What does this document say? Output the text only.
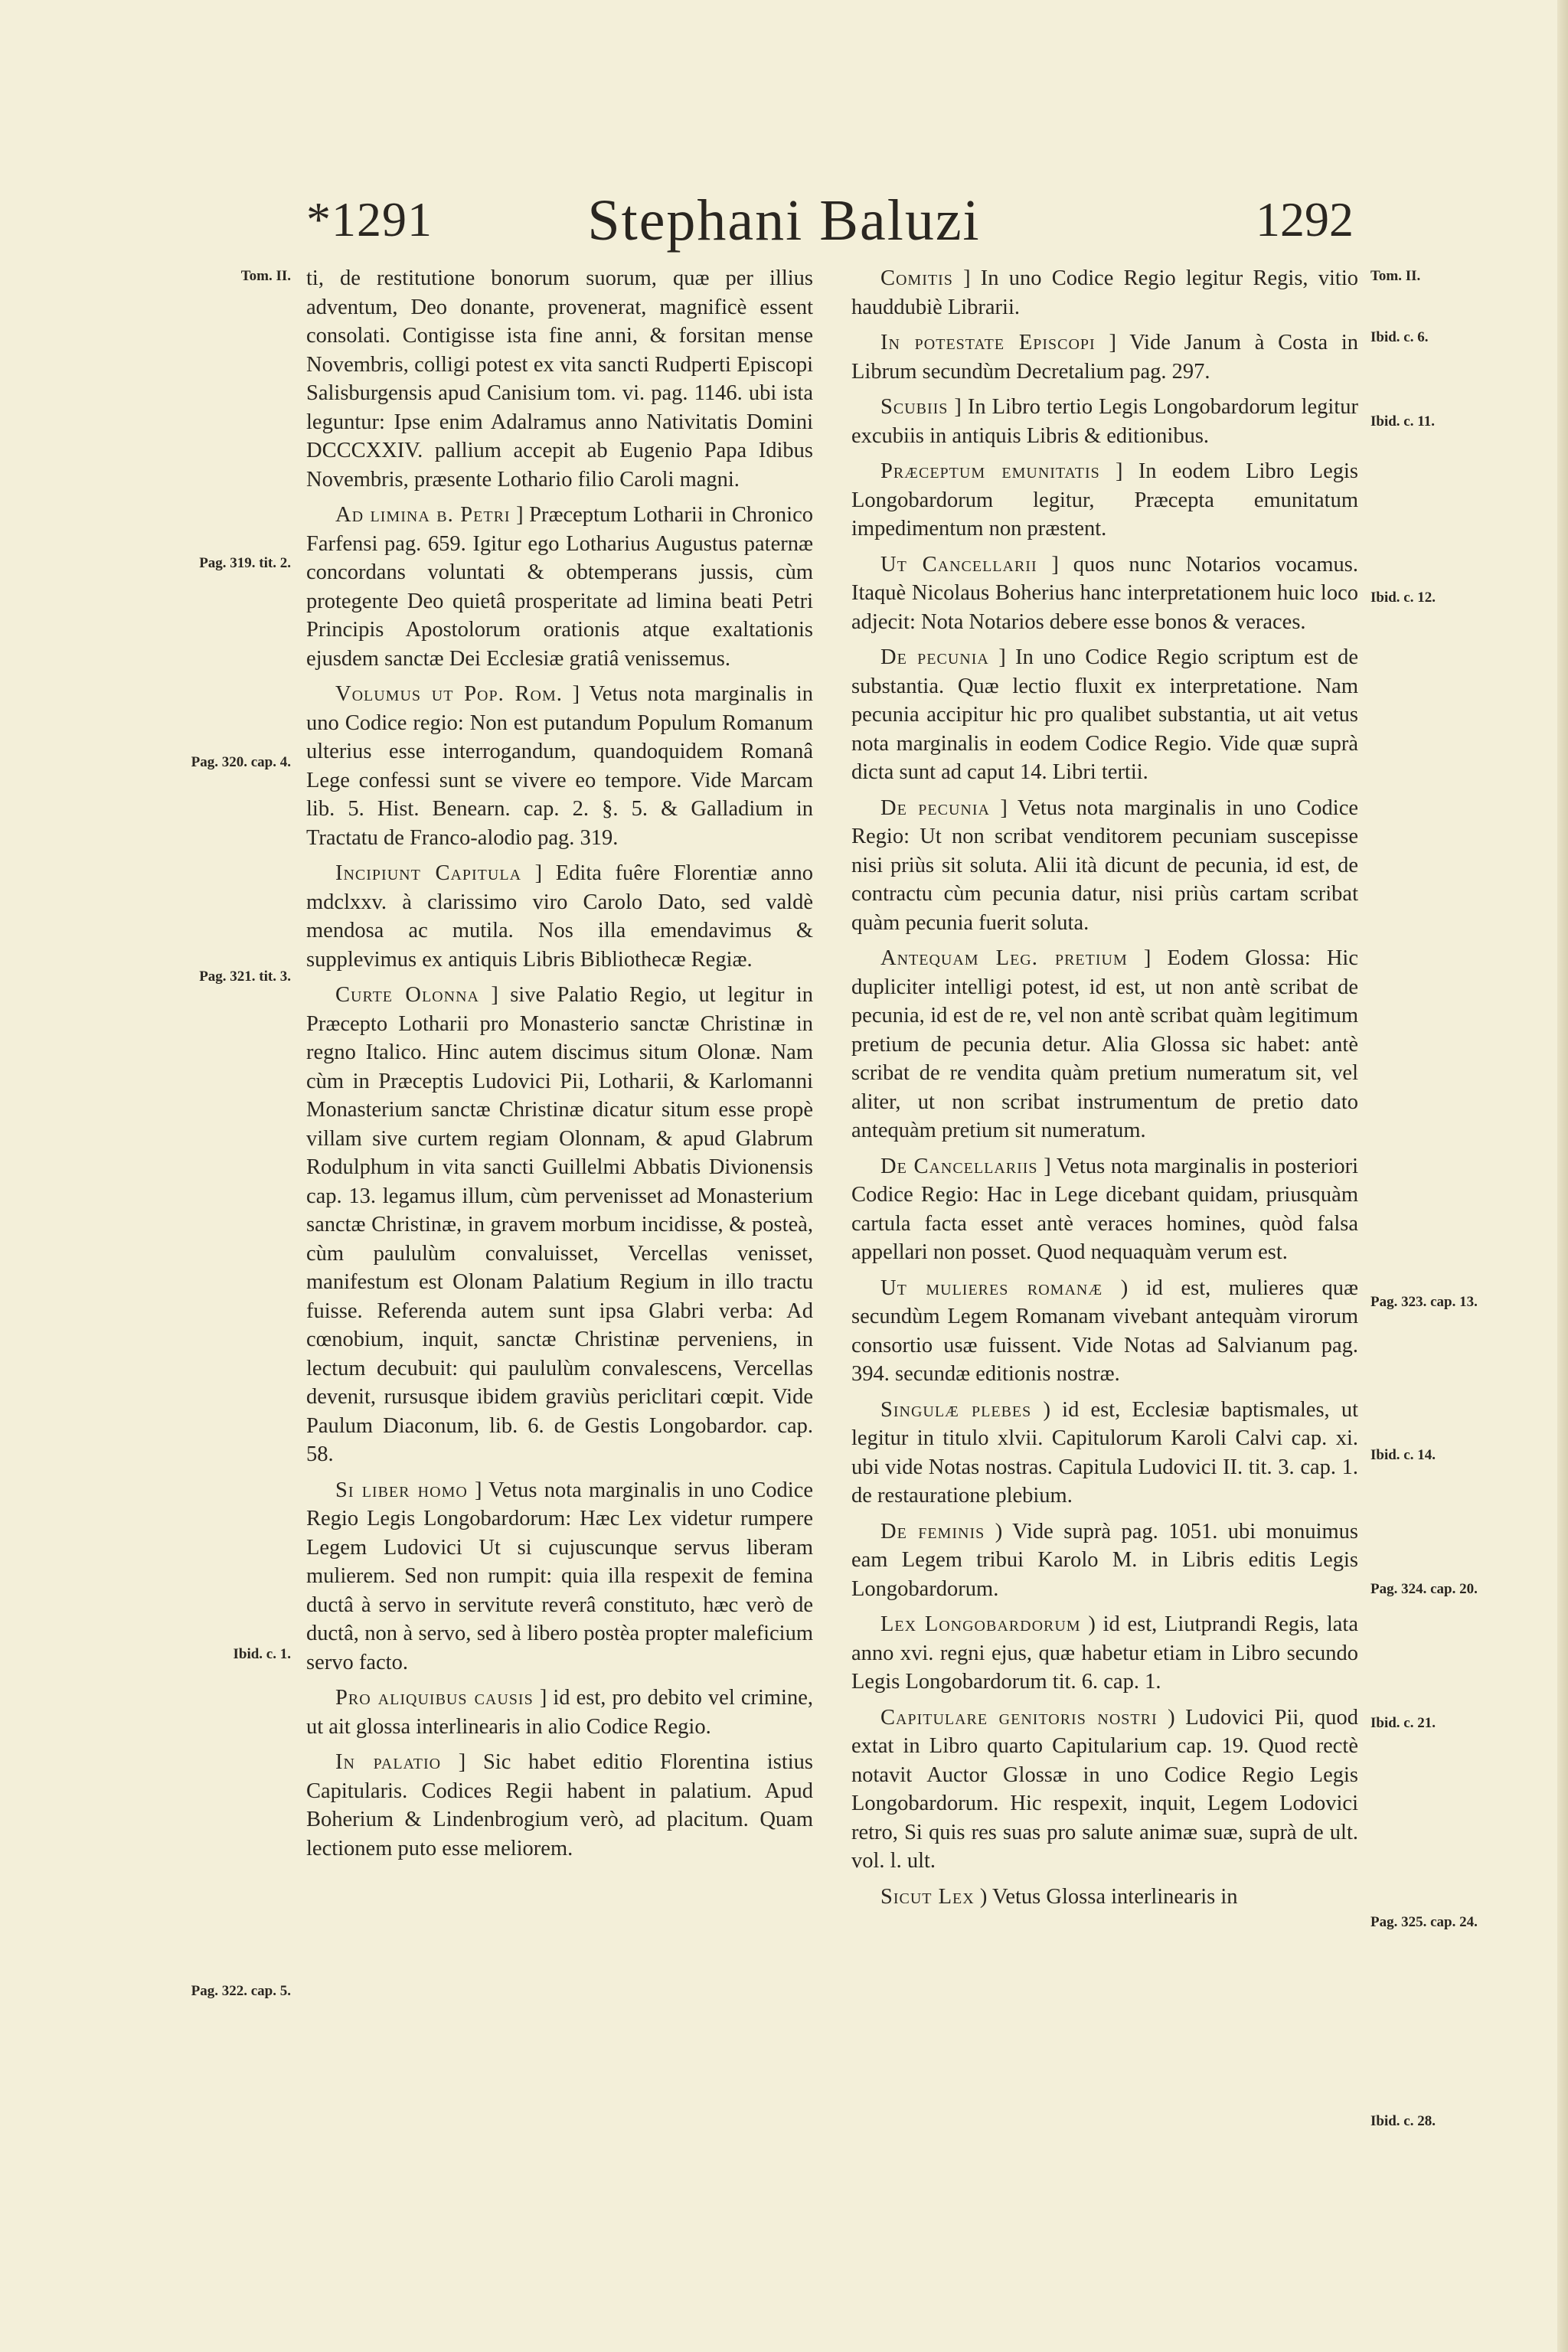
*1291	Stephani Baluzi	1292
Tom. II.
Pag. 319. tit. 2.
Pag. 320. cap. 4.
Pag. 321. tit. 3.
Ibid. c. 1.
Pag. 322. cap. 5.
Tom. II.
Ibid. c. 6.
Ibid. c. 11.
Ibid. c. 12.
Pag. 323. cap. 13.
Ibid. c. 14.
Pag. 324. cap. 20.
Ibid. c. 21.
Pag. 325. cap. 24.
Ibid. c. 28.

ti, de restitutione bonorum suorum, quæ per illius adventum, Deo donante, provenerat, magnificè essent consolati. Contigisse ista fine anni, & forsitan mense Novembris, colligi potest ex vita sancti Rudperti Episcopi Salisburgensis apud Canisium tom. vi. pag. 1146. ubi ista leguntur: Ipse enim Adalramus anno Nativitatis Domini DCCCXXIV. pallium accepit ab Eugenio Papa Idibus Novembris, præsente Lothario filio Caroli magni.

Ad limina b. Petri ] Præceptum Lotharii in Chronico Farfensi pag. 659. Igitur ego Lotharius Augustus paternæ concordans voluntati & obtemperans jussis, cùm protegente Deo quietâ prosperitate ad limina beati Petri Principis Apostolorum orationis atque exaltationis ejusdem sanctæ Dei Ecclesiæ gratiâ venissemus.

Volumus ut Pop. Rom. ] Vetus nota marginalis in uno Codice regio: Non est putandum Populum Romanum ulterius esse interrogandum, quandoquidem Romanâ Lege confessi sunt se vivere eo tempore. Vide Marcam lib. 5. Hist. Benearn. cap. 2. §. 5. & Galladium in Tractatu de Franco-alodio pag. 319.

Incipiunt Capitula ] Edita fuêre Florentiæ anno mdclxxv. à clarissimo viro Carolo Dato, sed valdè mendosa ac mutila. Nos illa emendavimus & supplevimus ex antiquis Libris Bibliothecæ Regiæ.

Curte Olonna ] sive Palatio Regio, ut legitur in Præcepto Lotharii pro Monasterio sanctæ Christinæ in regno Italico. Hinc autem discimus situm Olonæ. Nam cùm in Præceptis Ludovici Pii, Lotharii, & Karlomanni Monasterium sanctæ Christinæ dicatur situm esse propè villam sive curtem regiam Olonnam, & apud Glabrum Rodulphum in vita sancti Guillelmi Abbatis Divionensis cap. 13. legamus illum, cùm pervenisset ad Monasterium sanctæ Christinæ, in gravem morbum incidisse, & posteà, cùm paululùm convaluisset, Vercellas venisset, manifestum est Olonam Palatium Regium in illo tractu fuisse. Referenda autem sunt ipsa Glabri verba: Ad cœnobium, inquit, sanctæ Christinæ perveniens, in lectum decubuit: qui paululùm convalescens, Vercellas devenit, rursusque ibidem graviùs periclitari cœpit. Vide Paulum Diaconum, lib. 6. de Gestis Longobardor. cap. 58.

Si liber homo ] Vetus nota marginalis in uno Codice Regio Legis Longobardorum: Hæc Lex videtur rumpere Legem Ludovici Ut si cujuscunque servus liberam mulierem. Sed non rumpit: quia illa respexit de femina ductâ à servo in servitute reverâ constituto, hæc verò de ductâ, non à servo, sed à libero postèa propter maleficium servo facto.

Pro aliquibus causis ] id est, pro debito vel crimine, ut ait glossa interlinearis in alio Codice Regio.

In palatio ] Sic habet editio Florentina istius Capitularis. Codices Regii habent in palatium. Apud Boherium & Lindenbrogium verò, ad placitum. Quam lectionem puto esse meliorem.

Comitis ] In uno Codice Regio legitur Regis, vitio hauddubiè Librarii.

In potestate Episcopi ] Vide Janum à Costa in Librum secundùm Decretalium pag. 297.

Scubiis ] In Libro tertio Legis Longobardorum legitur excubiis in antiquis Libris & editionibus.

Præceptum emunitatis ] In eodem Libro Legis Longobardorum legitur, Præcepta emunitatum impedimentum non præstent.

Ut Cancellarii ] quos nunc Notarios vocamus. Itaquè Nicolaus Boherius hanc interpretationem huic loco adjecit: Nota Notarios debere esse bonos & veraces.

De pecunia ] In uno Codice Regio scriptum est de substantia. Quæ lectio fluxit ex interpretatione. Nam pecunia accipitur hic pro qualibet substantia, ut ait vetus nota marginalis in eodem Codice Regio. Vide quæ suprà dicta sunt ad caput 14. Libri tertii.

De pecunia ] Vetus nota marginalis in uno Codice Regio: Ut non scribat venditorem pecuniam suscepisse nisi priùs sit soluta. Alii ità dicunt de pecunia, id est, de contractu cùm pecunia datur, nisi priùs cartam scribat quàm pecunia fuerit soluta.

Antequam Leg. pretium ] Eodem Glossa: Hic dupliciter intelligi potest, id est, ut non antè scribat de pecunia, id est de re, vel non antè scribat quàm legitimum pretium de pecunia detur. Alia Glossa sic habet: antè scribat de re vendita quàm pretium numeratum sit, vel aliter, ut non scribat instrumentum de pretio dato antequàm pretium sit numeratum.

De Cancellariis ] Vetus nota marginalis in posteriori Codice Regio: Hac in Lege dicebant quidam, priusquàm cartula facta esset antè veraces homines, quòd falsa appellari non posset. Quod nequaquàm verum est.

Ut mulieres romanæ ) id est, mulieres quæ secundùm Legem Romanam vivebant antequàm virorum consortio usæ fuissent. Vide Notas ad Salvianum pag. 394. secundæ editionis nostræ.

Singulæ plebes ) id est, Ecclesiæ baptismales, ut legitur in titulo xlvii. Capitulorum Karoli Calvi cap. xi. ubi vide Notas nostras. Capitula Ludovici II. tit. 3. cap. 1. de restauratione plebium.

De feminis ) Vide suprà pag. 1051. ubi monuimus eam Legem tribui Karolo M. in Libris editis Legis Longobardorum.

Lex Longobardorum ) id est, Liutprandi Regis, lata anno xvi. regni ejus, quæ habetur etiam in Libro secundo Legis Longobardorum tit. 6. cap. 1.

Capitulare genitoris nostri ) Ludovici Pii, quod extat in Libro quarto Capitularium cap. 19. Quod rectè notavit Auctor Glossæ in uno Codice Regio Legis Longobardorum. Hic respexit, inquit, Legem Lodovici retro, Si quis res suas pro salute animæ suæ, suprà de ult. vol. l. ult.

Sicut Lex ) Vetus Glossa interlinearis in
